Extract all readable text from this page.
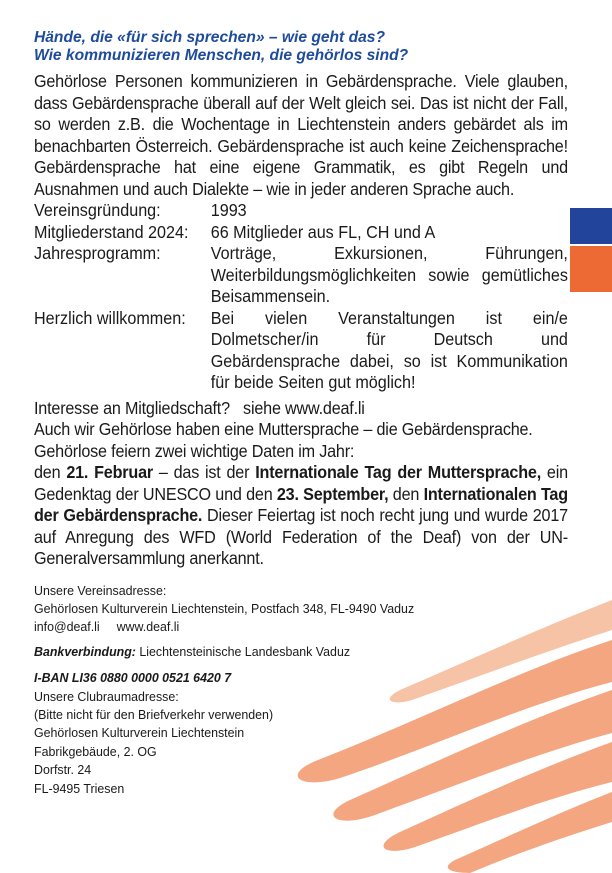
Hände, die «für sich sprechen» – wie geht das?
Wie kommunizieren Menschen, die gehörlos sind?

Gehörlose Personen kommunizieren in Gebärdensprache. Viele glauben, dass Gebärdensprache überall auf der Welt gleich sei. Das ist nicht der Fall, so werden z.B. die Wochentage in Liechtenstein anders gebärdet als im benachbarten Österreich. Gebärdensprache ist auch keine Zeichensprache! Gebärdensprache hat eine eigene Grammatik, es gibt Regeln und Ausnahmen und auch Dialekte – wie in jeder anderen Sprache auch.

Vereinsgründung:	1993
Mitgliederstand 2024:	66 Mitglieder aus FL, CH und A
Jahresprogramm:	Vorträge, Exkursionen, Führungen, Weiterbildungsmöglichkeiten sowie gemütliches Beisammensein.
Herzlich willkommen:	Bei vielen Veranstaltungen ist ein/e Dolmetscher/in für Deutsch und Gebärdensprache dabei, so ist Kommunikation für beide Seiten gut möglich!

Interesse an Mitgliedschaft? siehe www.deaf.li

Auch wir Gehörlose haben eine Muttersprache – die Gebärdensprache.

Gehörlose feiern zwei wichtige Daten im Jahr:

den 21. Februar – das ist der Internationale Tag der Muttersprache, ein Gedenktag der UNESCO und den 23. September, den Internationalen Tag der Gebärdensprache. Dieser Feiertag ist noch recht jung und wurde 2017 auf Anregung des WFD (World Federation of the Deaf) von der UN-Generalversammlung anerkannt.

Unsere Vereinsadresse:
Gehörlosen Kulturverein Liechtenstein, Postfach 348, FL-9490 Vaduz
info@deaf.li www.deaf.li
Bankverbindung: Liechtensteinische Landesbank Vaduz
I-BAN LI36 0880 0000 0521 6420 7
Unsere Clubraumadresse:
(Bitte nicht für den Briefverkehr verwenden)
Gehörlosen Kulturverein Liechtenstein
Fabrikgebäude, 2. OG
Dorfstr. 24
FL-9495 Triesen
